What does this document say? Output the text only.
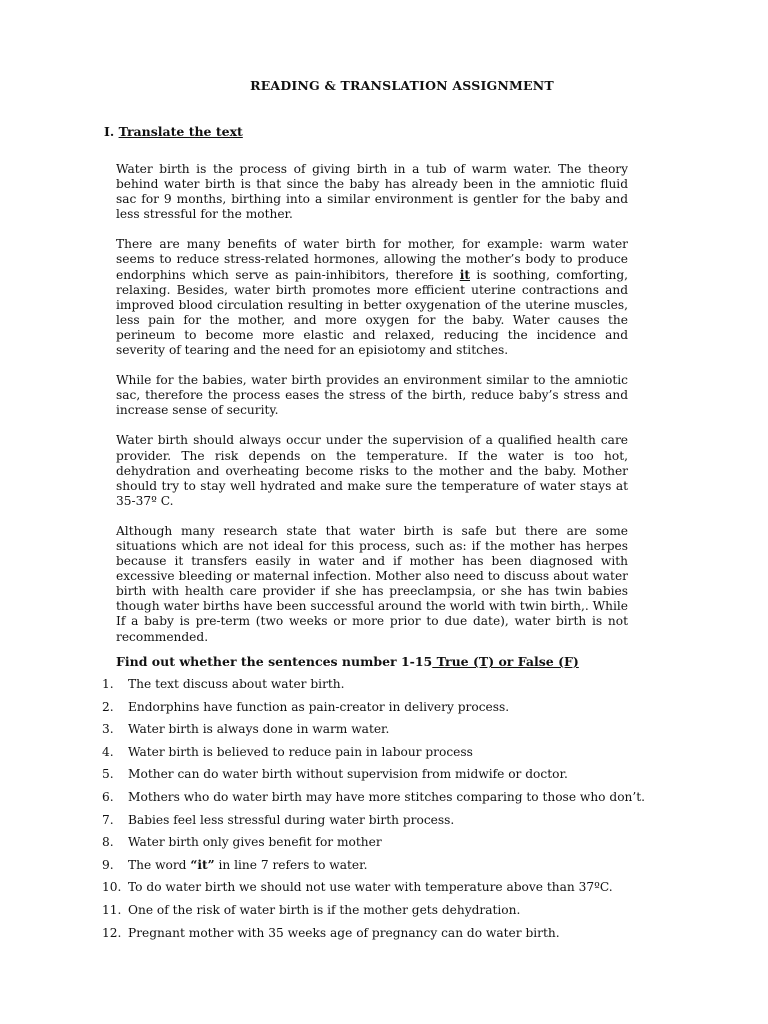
READING & TRANSLATION ASSIGNMENT
I. Translate the text

Water birth is the process of giving birth in a tub of warm water. The theory behind water birth is that since the baby has already been in the amniotic fluid sac for 9 months, birthing into a similar environment is gentler for the baby and less stressful for the mother.

There are many benefits of water birth for mother, for example: warm water seems to reduce stress-related hormones, allowing the mother’s body to produce endorphins which serve as pain-inhibitors, therefore it is soothing, comforting, relaxing. Besides, water birth promotes more efficient uterine contractions and improved blood circulation resulting in better oxygenation of the uterine muscles, less pain for the mother, and more oxygen for the baby. Water causes the perineum to become more elastic and relaxed, reducing the incidence and severity of tearing and the need for an episiotomy and stitches.

While for the babies, water birth provides an environment similar to the amniotic sac, therefore the process eases the stress of the birth, reduce baby’s stress and increase sense of security.

Water birth should always occur under the supervision of a qualified health care provider. The risk depends on the temperature. If the water is too hot, dehydration and overheating become risks to the mother and the baby. Mother should try to stay well hydrated and make sure the temperature of water stays at 35-37º C.

Although many research state that water birth is safe but there are some situations which are not ideal for this process, such as: if the mother has herpes because it transfers easily in water and if mother has been diagnosed with excessive bleeding or maternal infection. Mother also need to discuss about water birth with health care provider if she has preeclampsia, or she has twin babies though water births have been successful around the world with twin birth,. While If a baby is pre-term (two weeks or more prior to due date), water birth is not recommended.

Find out whether the sentences number 1-15 True (T) or False (F)
1. The text discuss about water birth.
2. Endorphins have function as pain-creator in delivery process.
3. Water birth is always done in warm water.
4. Water birth is believed to reduce pain in labour process
5. Mother can do water birth without supervision from midwife or doctor.
6. Mothers who do water birth may have more stitches comparing to those who don’t.
7. Babies feel less stressful during water birth process.
8. Water birth only gives benefit for mother
9. The word “it” in line 7 refers to water.
10. To do water birth we should not use water with temperature above than 37ºC.
11. One of the risk of water birth is if the mother gets dehydration.
12. Pregnant mother with 35 weeks age of pregnancy can do water birth.
